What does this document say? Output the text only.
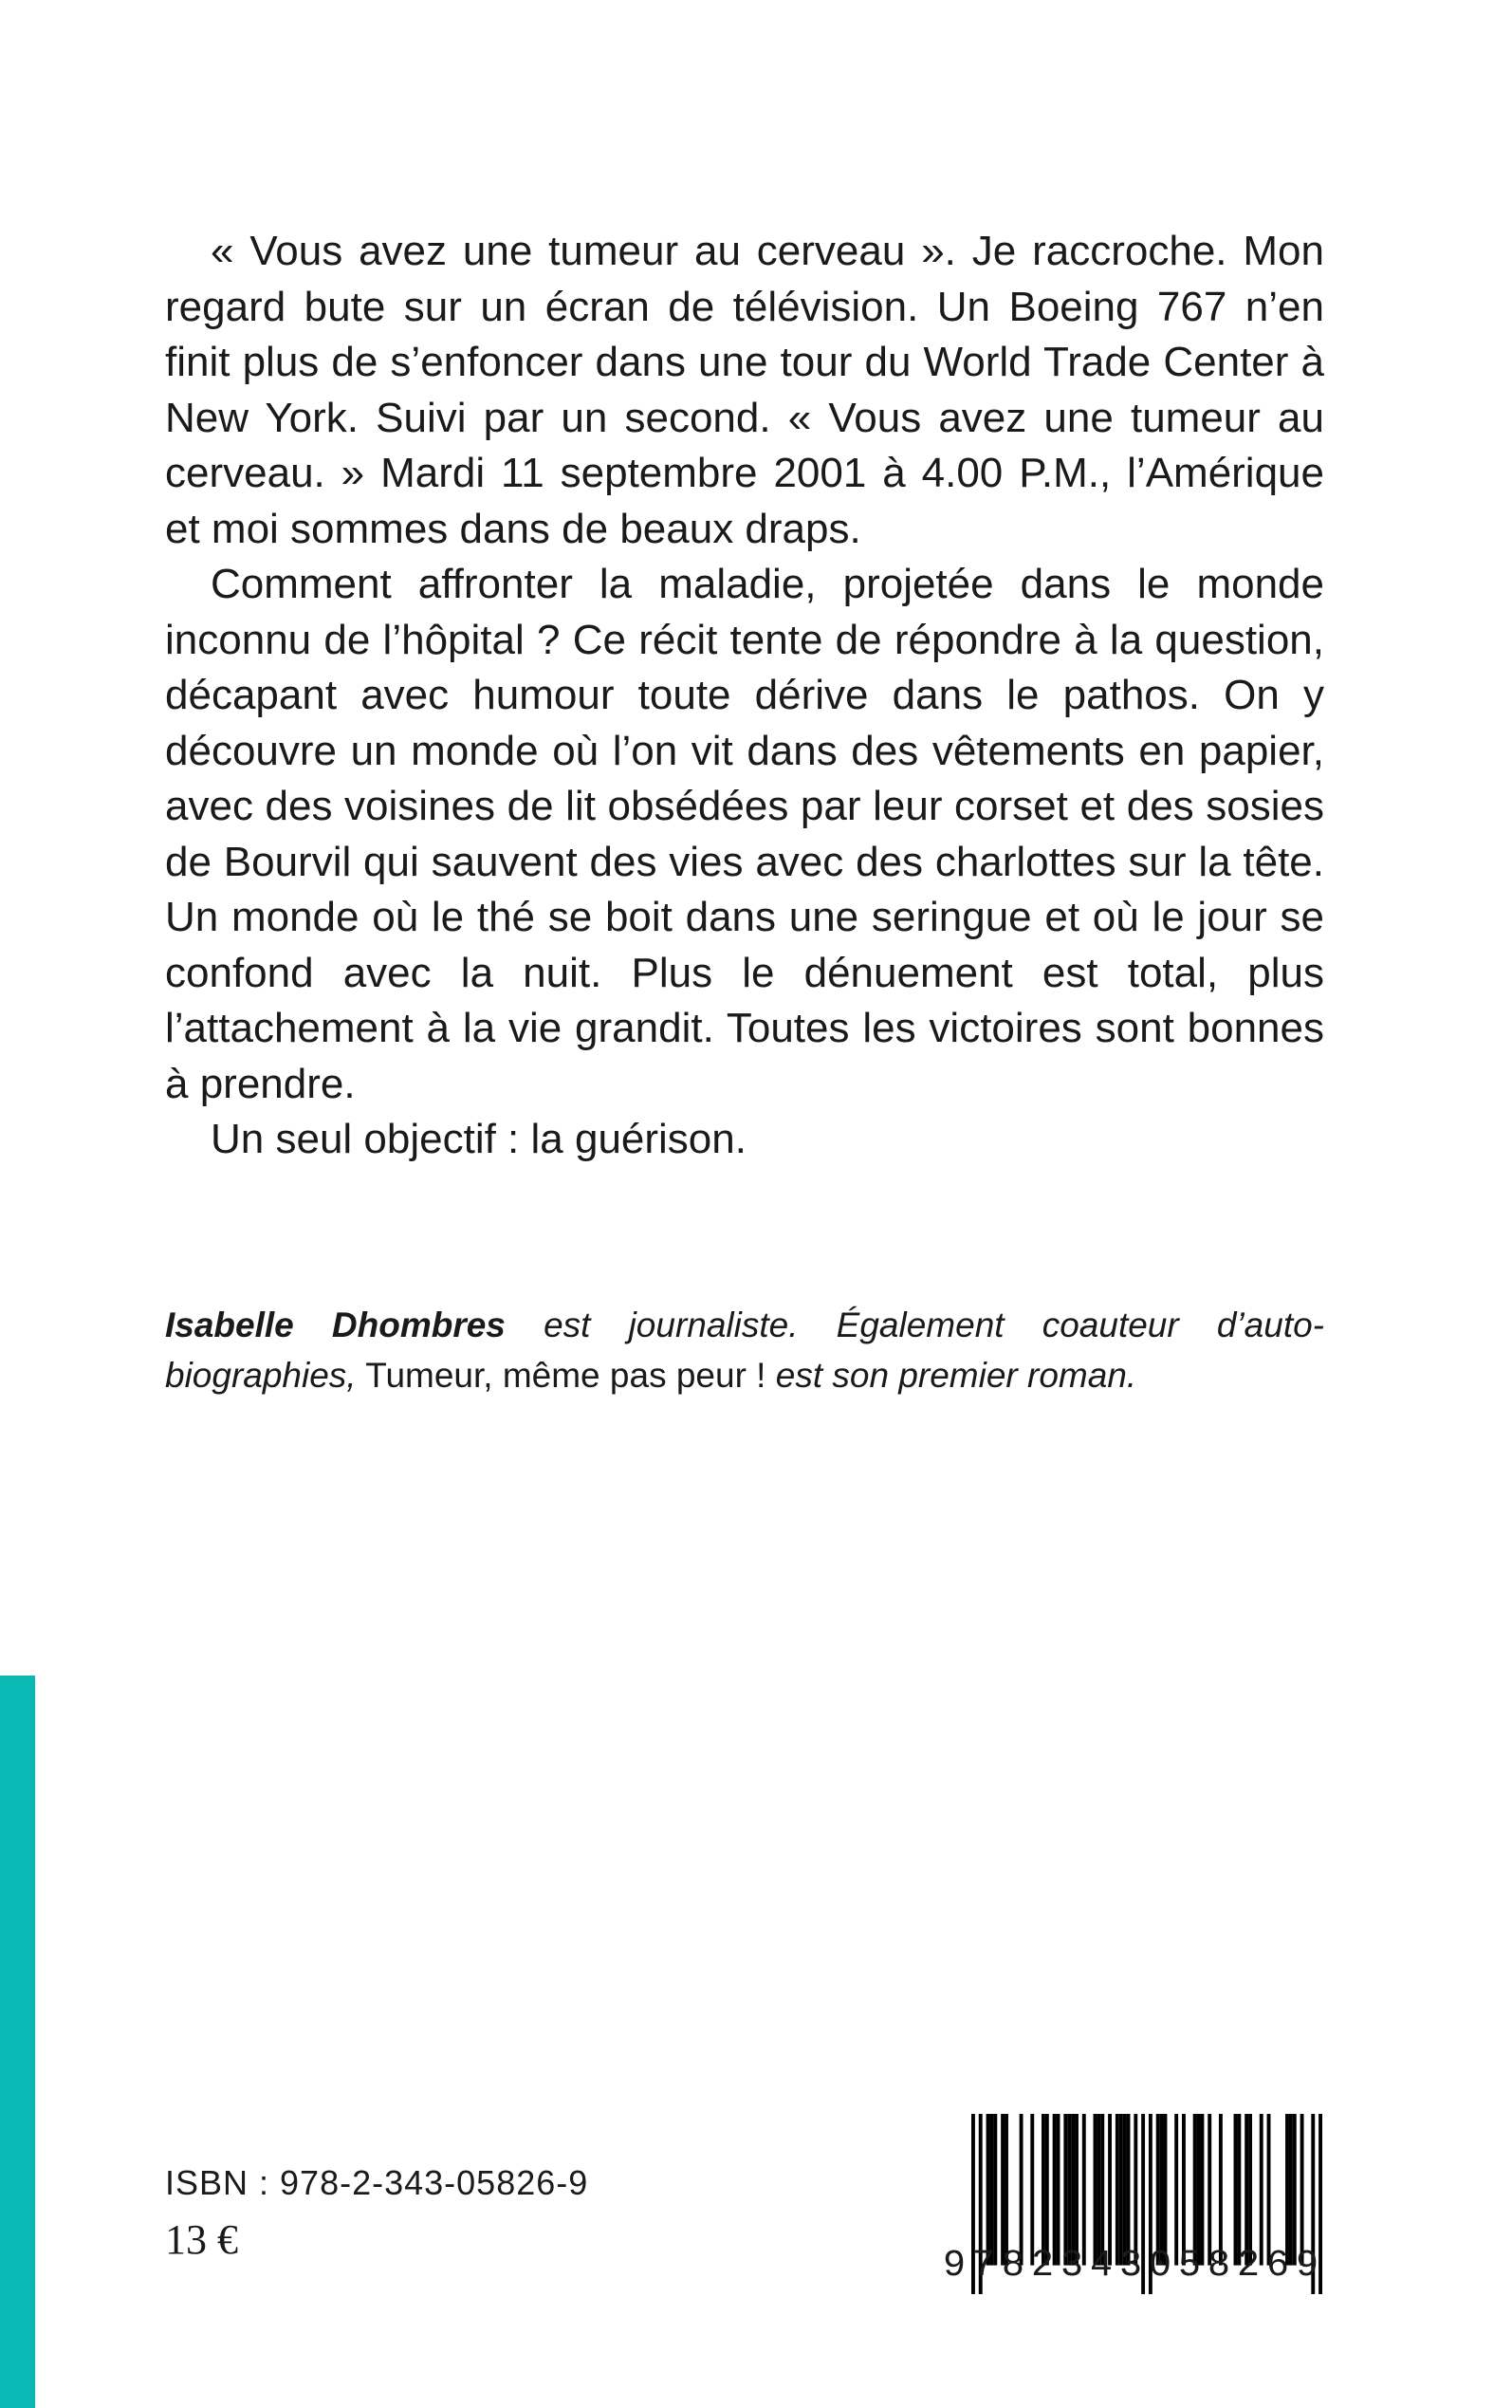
« Vous avez une tumeur au cerveau ». Je raccroche. Mon regard bute sur un écran de télévision. Un Boeing 767 n’en finit plus de s’enfoncer dans une tour du World Trade Center à New York. Suivi par un second. « Vous avez une tumeur au cerveau. » Mardi 11 septembre 2001 à 4.00 P.M., l’Amérique et moi sommes dans de beaux draps.

Comment affronter la maladie, projetée dans le monde inconnu de l’hôpital ? Ce récit tente de répondre à la question, décapant avec humour toute dérive dans le pathos. On y découvre un monde où l’on vit dans des vêtements en papier, avec des voisines de lit obsédées par leur corset et des sosies de Bourvil qui sauvent des vies avec des charlottes sur la tête. Un monde où le thé se boit dans une seringue et où le jour se confond avec la nuit. Plus le dénuement est total, plus l’attachement à la vie grandit. Toutes les victoires sont bonnes à prendre.

Un seul objectif : la guérison.

Isabelle Dhombres est journaliste. Également coauteur d’auto-biographies, Tumeur, même pas peur ! est son premier roman.
ISBN : 978-2-343-05826-9
13 €
9782343058269
